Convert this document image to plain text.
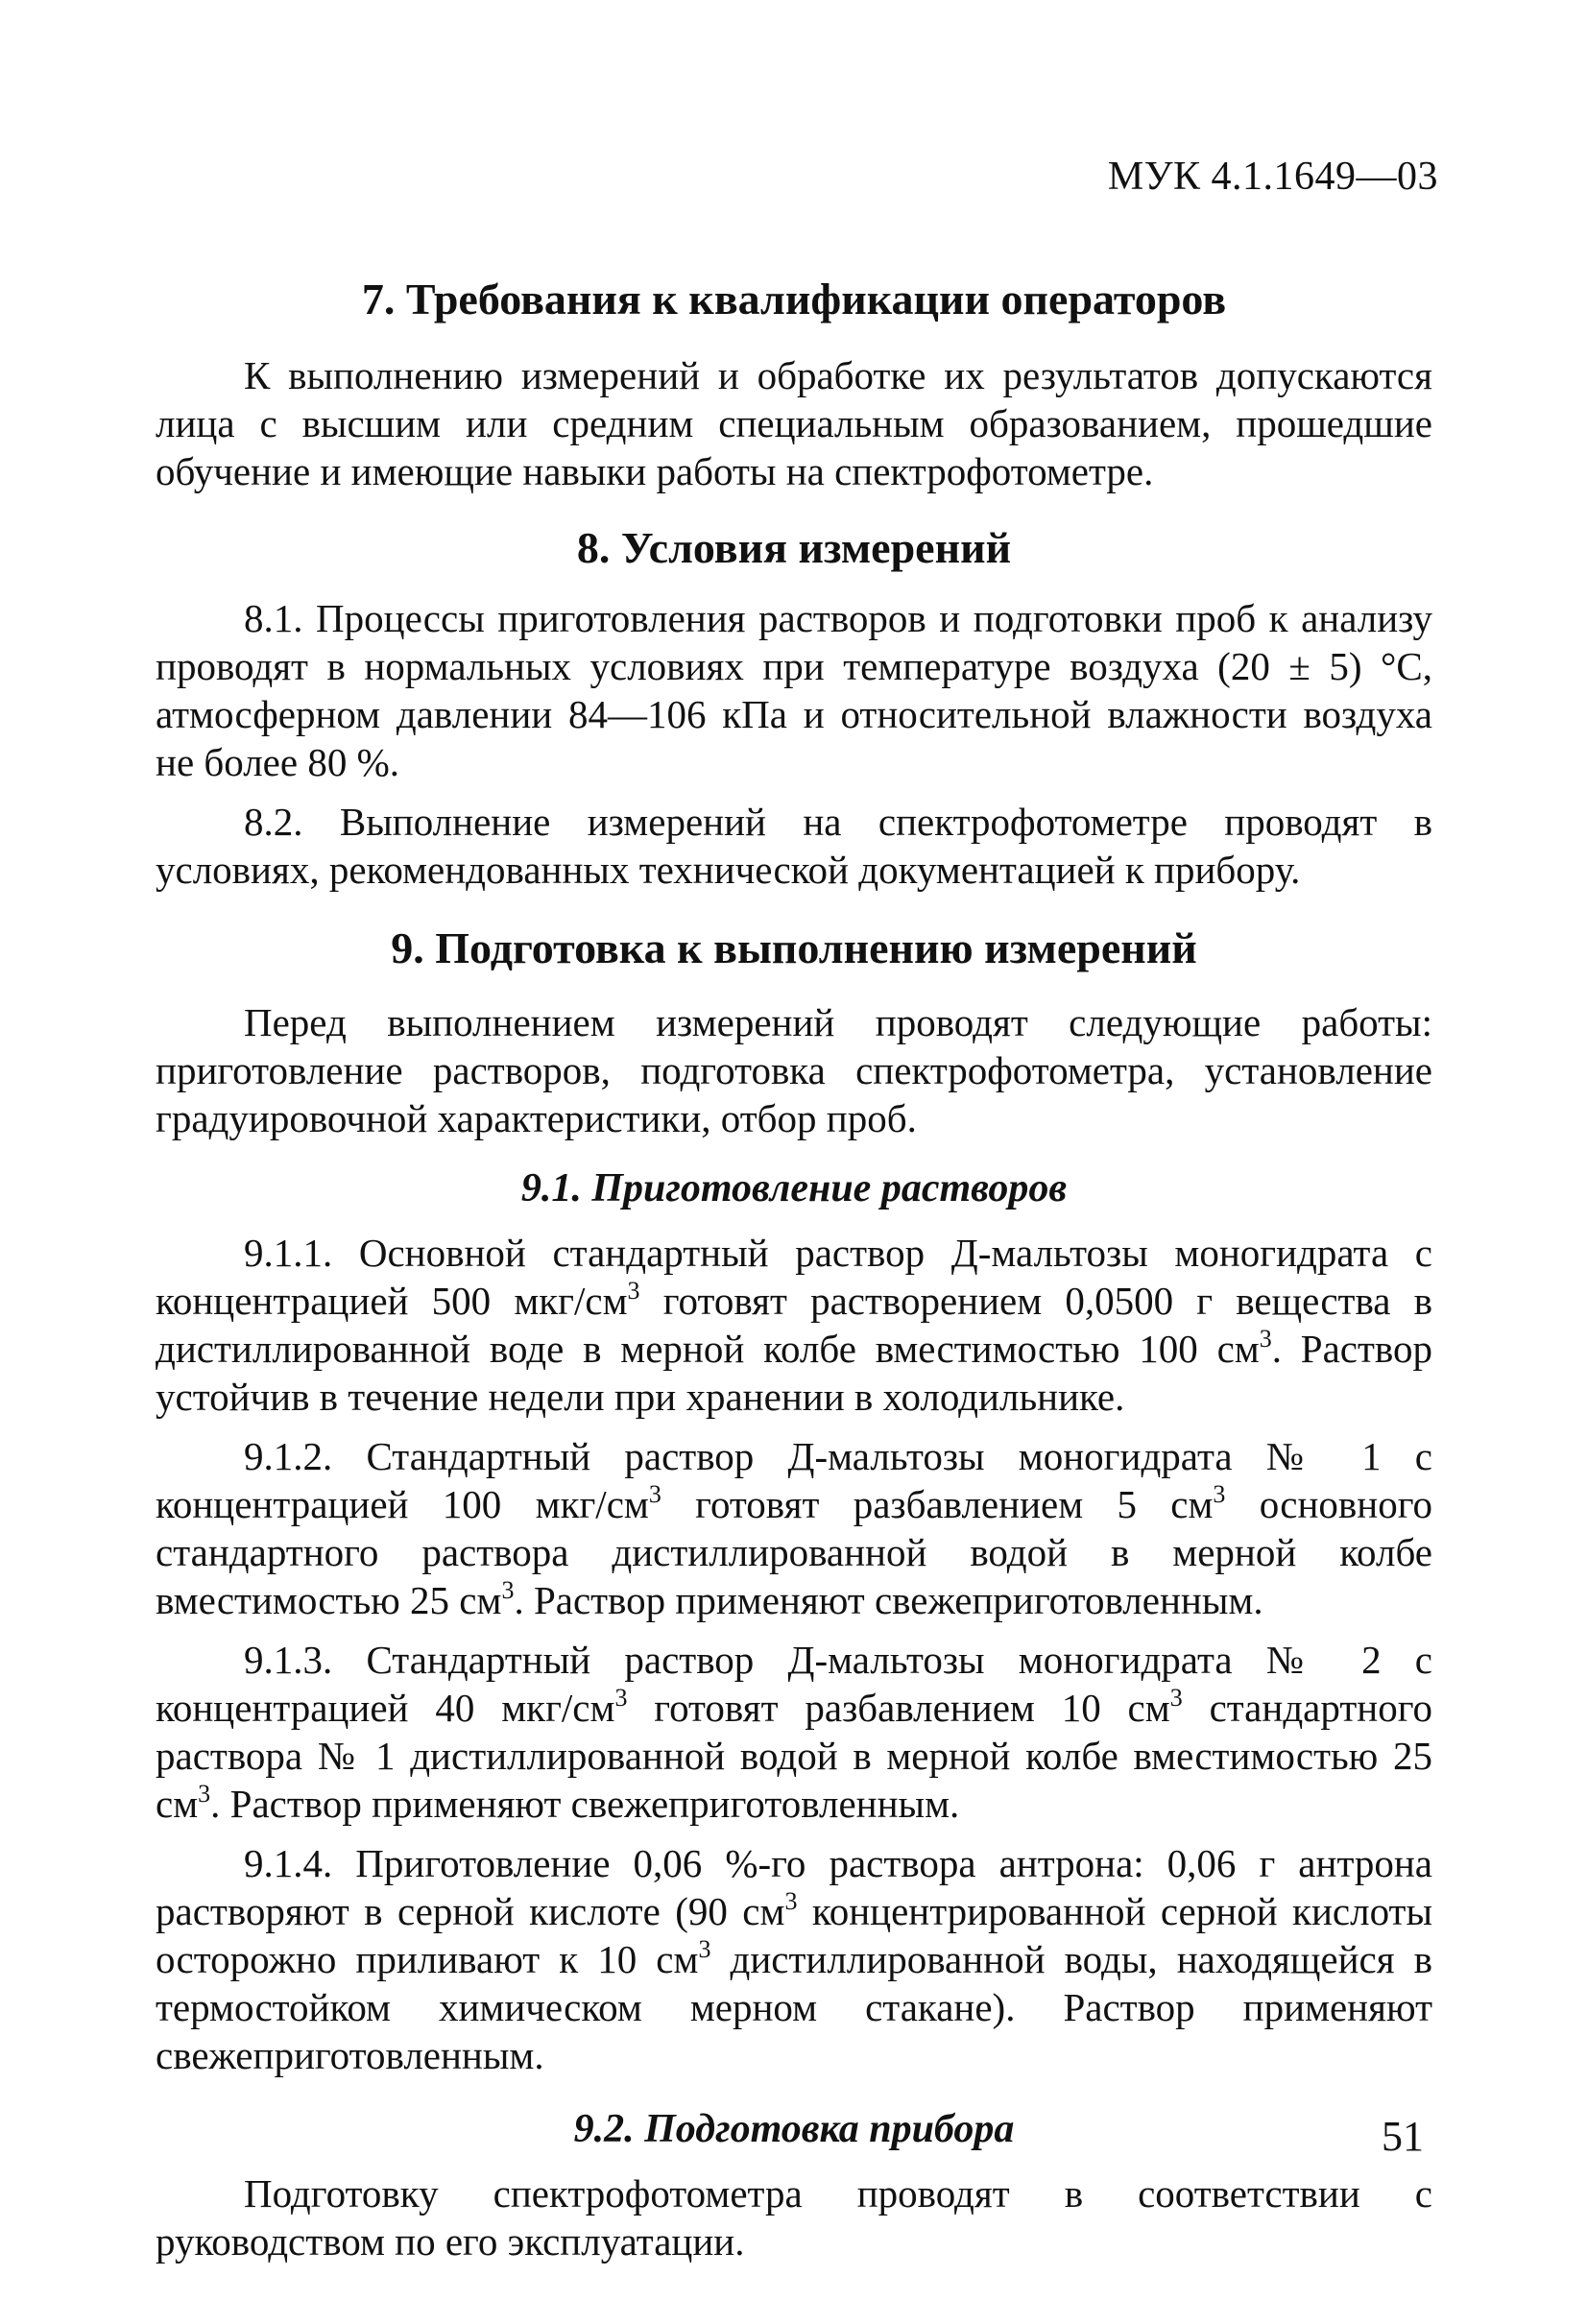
МУК 4.1.1649—03
7. Требования к квалификации операторов

К выполнению измерений и обработке их результатов допускаются лица с высшим или средним специальным образованием, прошедшие обучение и имеющие навыки работы на спектрофотометре.

8. Условия измерений

8.1. Процессы приготовления растворов и подготовки проб к анализу проводят в нормальных условиях при температуре воздуха (20 ± 5) °С, атмосферном давлении 84—106 кПа и относительной влажности воздуха не более 80 %.

8.2. Выполнение измерений на спектрофотометре проводят в условиях, рекомендованных технической документацией к прибору.

9. Подготовка к выполнению измерений

Перед выполнением измерений проводят следующие работы: приготовление растворов, подготовка спектрофотометра, установление градуировочной характеристики, отбор проб.

9.1. Приготовление растворов

9.1.1. Основной стандартный раствор Д-мальтозы моногидрата с концентрацией 500 мкг/$см^3$ готовят растворением 0,0500 г вещества в дистиллированной воде в мерной колбе вместимостью 100 $см^3$. Раствор устойчив в течение недели при хранении в холодильнике.

9.1.2. Стандартный раствор Д-мальтозы моногидрата № 1 с концентрацией 100 мкг/$см^3$ готовят разбавлением 5 $см^3$ основного стандартного раствора дистиллированной водой в мерной колбе вместимостью 25 $см^3$. Раствор применяют свежеприготовленным.

9.1.3. Стандартный раствор Д-мальтозы моногидрата № 2 с концентрацией 40 мкг/$см^3$ готовят разбавлением 10 $см^3$ стандартного раствора № 1 дистиллированной водой в мерной колбе вместимостью 25 $см^3$. Раствор применяют свежеприготовленным.

9.1.4. Приготовление 0,06 %-го раствора антрона: 0,06 г антрона растворяют в серной кислоте (90 $см^3$ концентрированной серной кислоты осторожно приливают к 10 $см^3$ дистиллированной воды, находящейся в термостойком химическом мерном стакане). Раствор применяют свежеприготовленным.

9.2. Подготовка прибора

Подготовку спектрофотометра проводят в соответствии с руководством по его эксплуатации.

51
